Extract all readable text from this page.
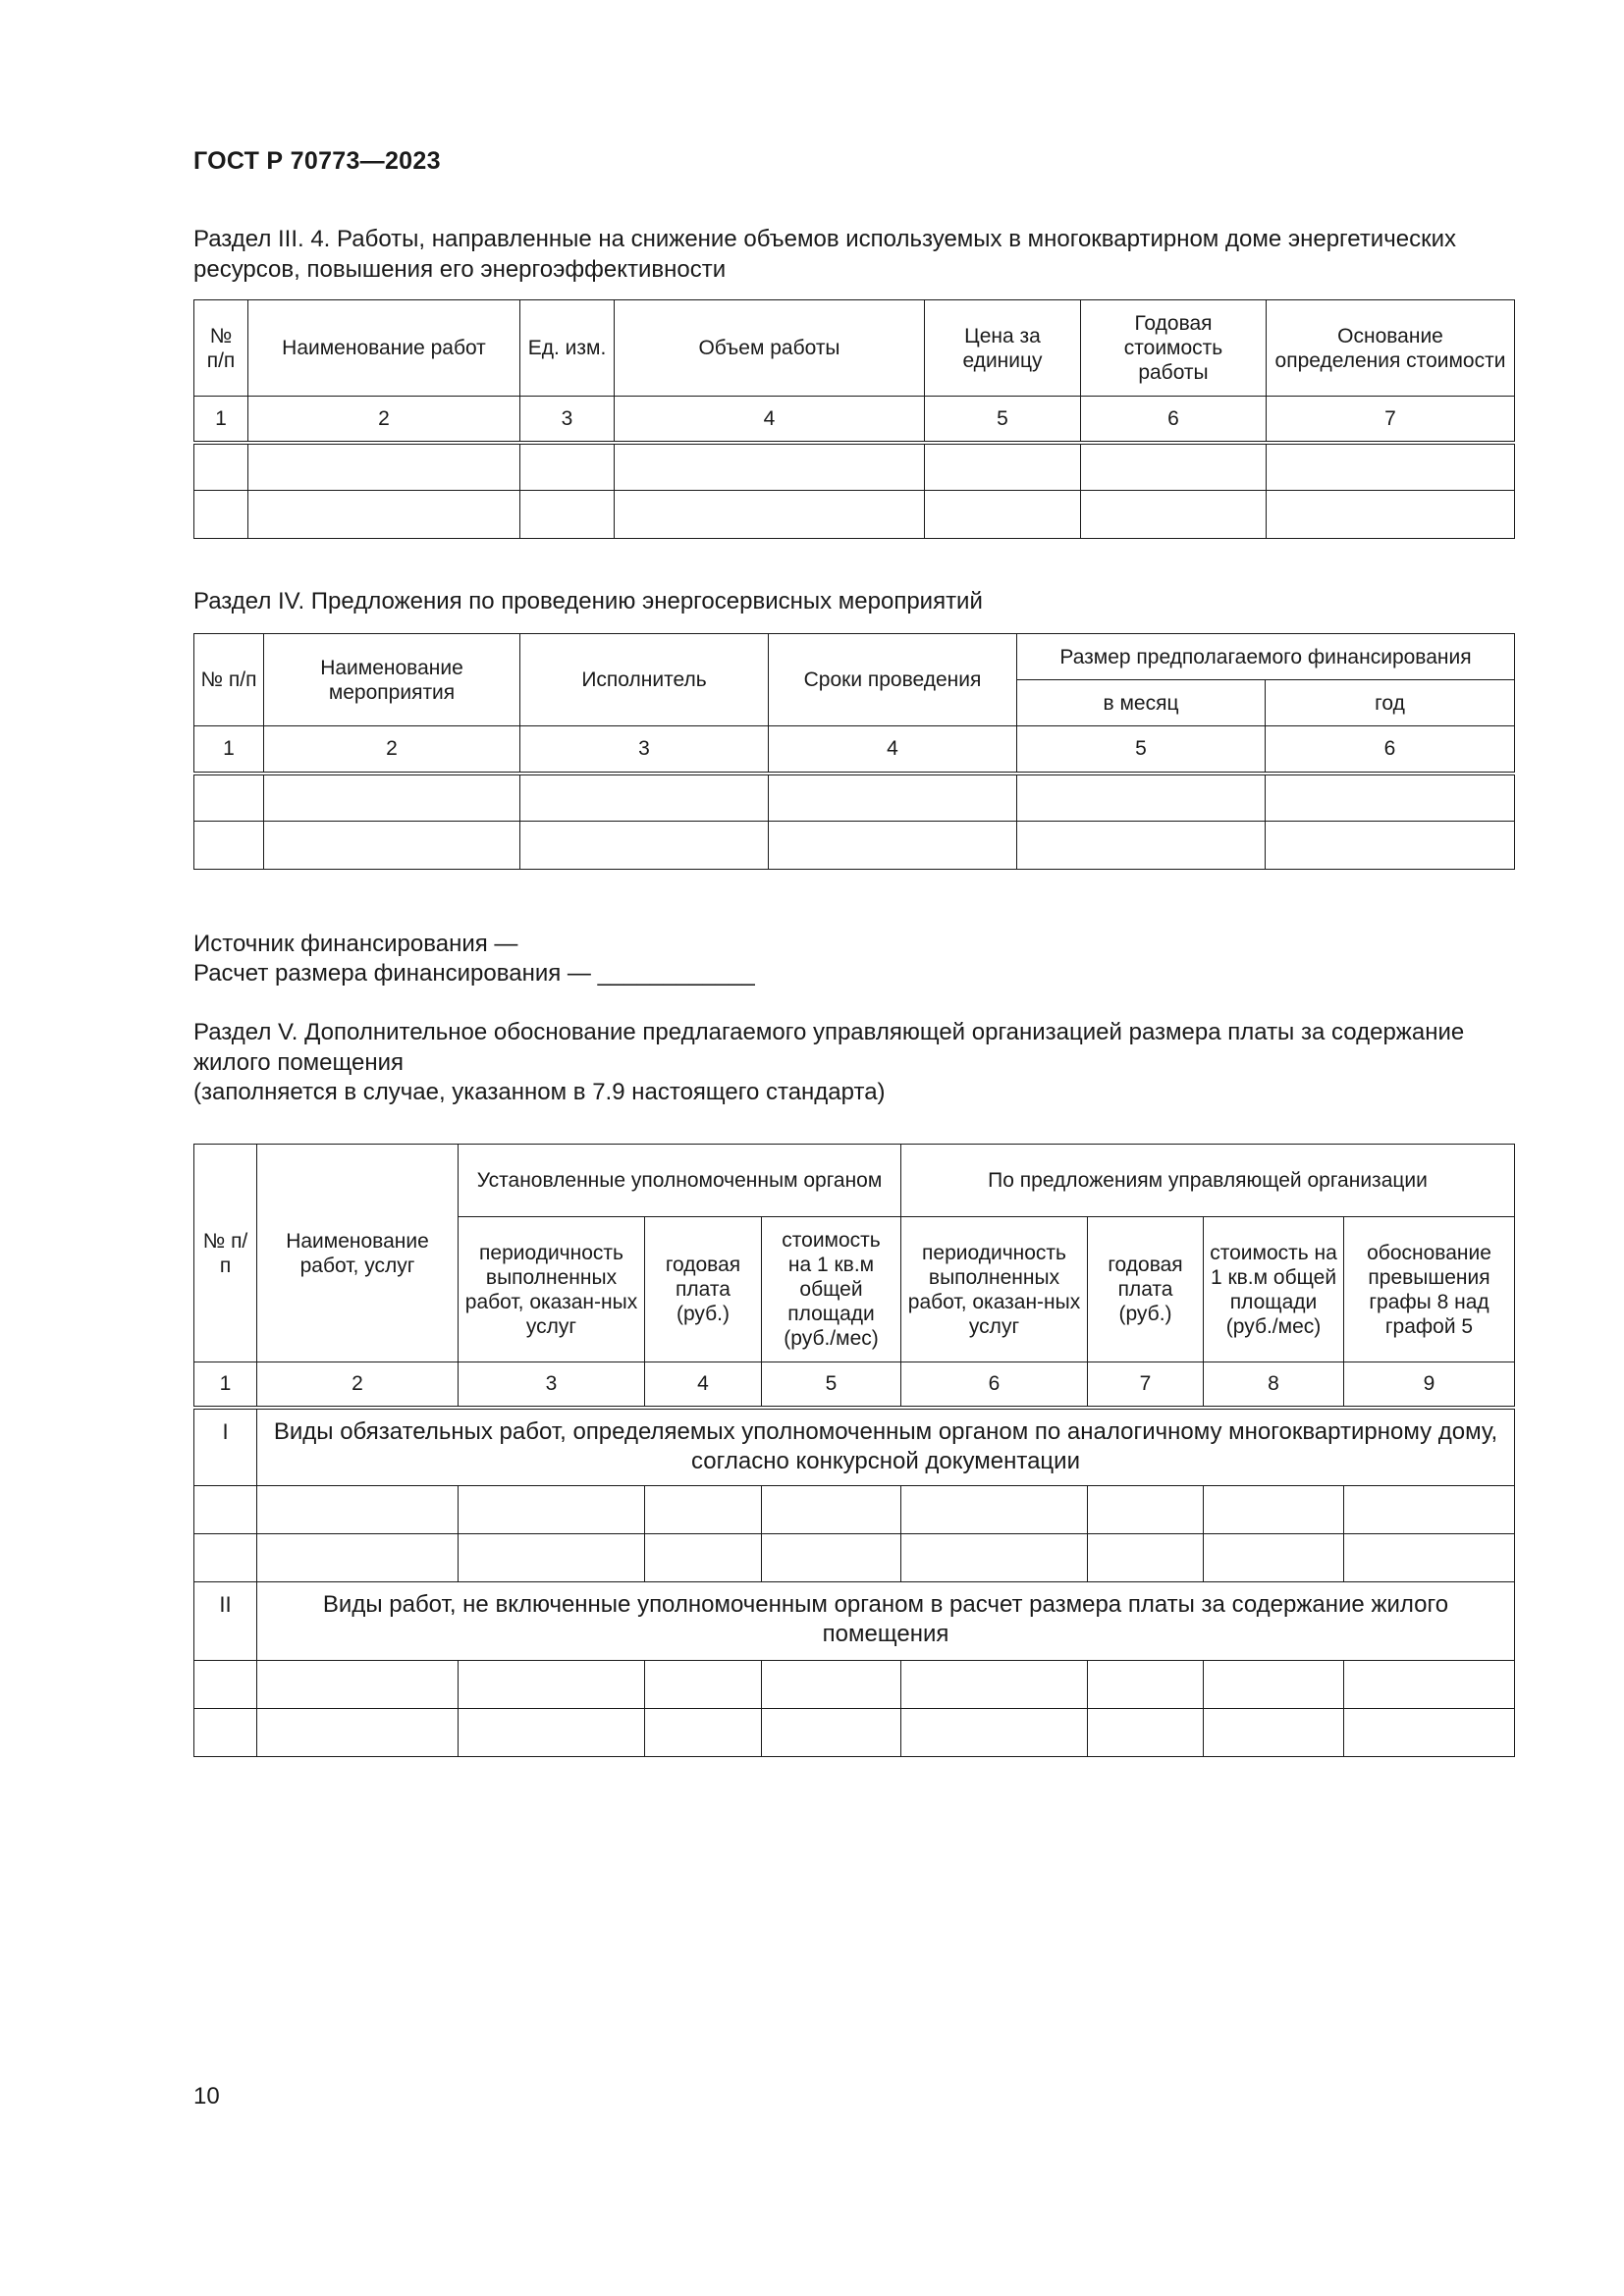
ГОСТ Р 70773—2023
Раздел III. 4. Работы, направленные на снижение объемов используемых в многоквартирном доме энергетических ресурсов, повышения его энергоэффективности
№ п/п	Наименование работ	Ед. изм.	Объем работы	Цена за единицу	Годовая стоимость работы	Основание определения стоимости
1	2	3	4	5	6	7

Раздел IV. Предложения по проведению энергосервисных мероприятий
№ п/п	Наименование мероприятия	Исполнитель	Сроки проведения	Размер предполагаемого финансирования	
				в месяц	год
1	2	3	4	5	6

Источник финансирования —
Расчет размера финансирования — ____________
Раздел V. Дополнительное обоснование предлагаемого управляющей организацией размера платы за содержание жилого помещения
(заполняется в случае, указанном в 7.9 настоящего стандарта)
№ п/п	Наименование работ, услуг	Установленные уполномоченным органом			По предложениям управляющей организации			
		периодичность выполненных работ, оказан-ных услуг	годовая плата (руб.)	стоимость на 1 кв.м общей площади (руб./мес)	периодичность выполненных работ, оказан-ных услуг	годовая плата (руб.)	стоимость на 1 кв.м общей площади (руб./мес)	обоснование превышения графы 8 над графой 5
1	2	3	4	5	6	7	8	9
I	Виды обязательных работ, определяемых уполномоченным органом по аналогичному многоквартирному дому, согласно конкурсной документации							

II	Виды работ, не включенные уполномоченным органом в расчет размера платы за содержание жилого помещения							

10
